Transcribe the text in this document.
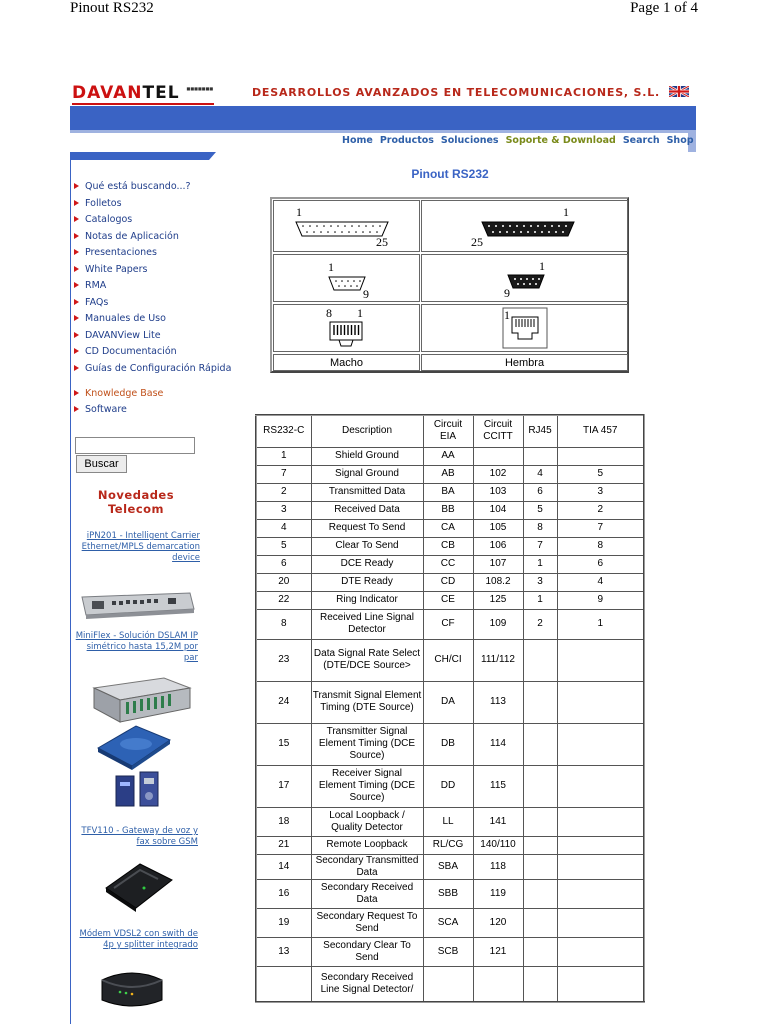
Pinout RS232	Page 1 of 4
DAVANTEL ▪▪▪▪▪▪▪	DESARROLLOS AVANZADOS EN TELECOMUNICACIONES, S.L.
Home Productos Soluciones Soporte & Download Search Shop
Qué está buscando...?
Folletos
Catalogos
Notas de Aplicación
Presentaciones
White Papers
RMA
FAQs
Manuales de Uso
DAVANView Lite
CD Documentación
Guías de Configuración Rápida
Knowledge Base
Software
Buscar
Novedades Telecom
iPN201 - Intelligent Carrier Ethernet/MPLS demarcation device
MiniFlex - Solución DSLAM IP simétrico hasta 15,2M por par
TFV110 - Gateway de voz y fax sobre GSM
Módem VDSL2 con swith de 4p y splitter integrado
Pinout RS232
1
25
1
25
1
9
1
9
8 1	1
Macho	Hembra
RS232-C	Description	Circuit EIA	Circuit CCITT	RJ45	TIA 457
1	Shield Ground	AA			
7	Signal Ground	AB	102	4	5
2	Transmitted Data	BA	103	6	3
3	Received Data	BB	104	5	2
4	Request To Send	CA	105	8	7
5	Clear To Send	CB	106	7	8
6	DCE Ready	CC	107	1	6
20	DTE Ready	CD	108.2	3	4
22	Ring Indicator	CE	125	1	9
8	Received Line Signal Detector	CF	109	2	1
23	Data Signal Rate Select (DTE/DCE Source>	CH/CI	111/112		
24	Transmit Signal Element Timing (DTE Source)	DA	113		
15	Transmitter Signal Element Timing (DCE Source)	DB	114		
17	Receiver Signal Element Timing (DCE Source)	DD	115		
18	Local Loopback / Quality Detector	LL	141		
21	Remote Loopback	RL/CG	140/110		
14	Secondary Transmitted Data	SBA	118		
16	Secondary Received Data	SBB	119		
19	Secondary Request To Send	SCA	120		
13	Secondary Clear To Send	SCB	121		
	Secondary Received Line Signal Detector/				
